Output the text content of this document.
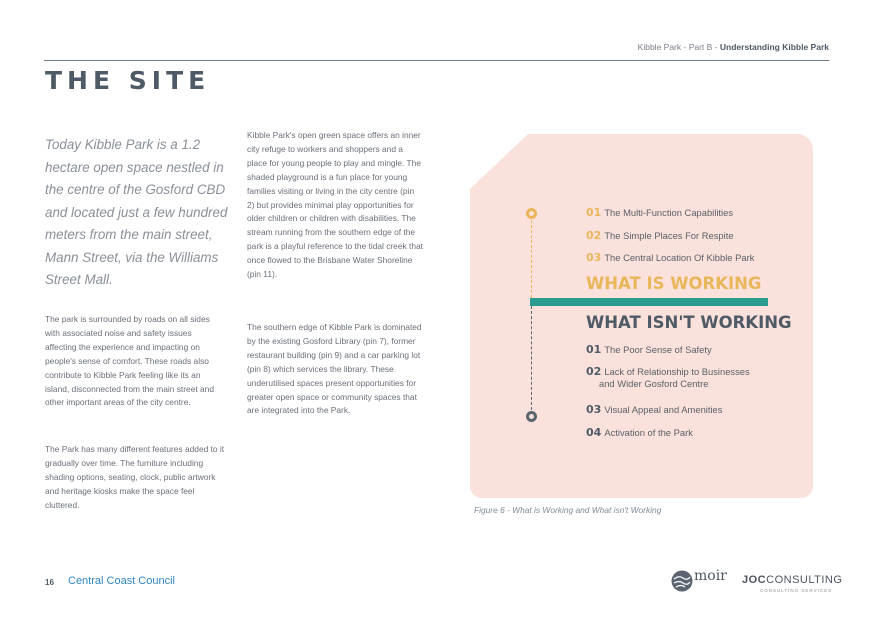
Kibble Park - Part B - Understanding Kibble Park
THE SITE
Today Kibble Park is a 1.2 hectare open space nestled in the centre of the Gosford CBD and located just a few hundred meters from the main street, Mann Street, via the Williams Street Mall.
The park is surrounded by roads on all sides with associated noise and safety issues affecting the experience and impacting on people's sense of comfort. These roads also contribute to Kibble Park feeling like its an island, disconnected from the main street and other important areas of the city centre.
The Park has many different features added to it gradually over time. The furniture including shading options, seating, clock, public artwork and heritage kiosks make the space feel cluttered.
Kibble Park's open green space offers an inner city refuge to workers and shoppers and a place for young people to play and mingle. The shaded playground is a fun place for young families visiting or living in the city centre (pin 2) but provides minimal play opportunities for older children or children with disabilities. The stream running from the southern edge of the park is a playful reference to the tidal creek that once flowed to the Brisbane Water Shoreline (pin 11).
The southern edge of Kibble Park is dominated by the existing Gosford Library (pin 7), former restaurant building (pin 9) and a car parking lot (pin 8) which services the library. These underutilised spaces present opportunities for greater open space or community spaces that are integrated into the Park.
01 The Multi-Function Capabilities
02 The Simple Places For Respite
03 The Central Location Of Kibble Park
WHAT IS WORKING
WHAT ISN'T WORKING
01 The Poor Sense of Safety
02 Lack of Relationship to Businesses
and Wider Gosford Centre
03 Visual Appeal and Amenities
04 Activation of the Park
Figure 6 - What is Working and What isn't Working
16 Central Coast Council	moir JOCCONSULTING
CONSULTING SERVICES
